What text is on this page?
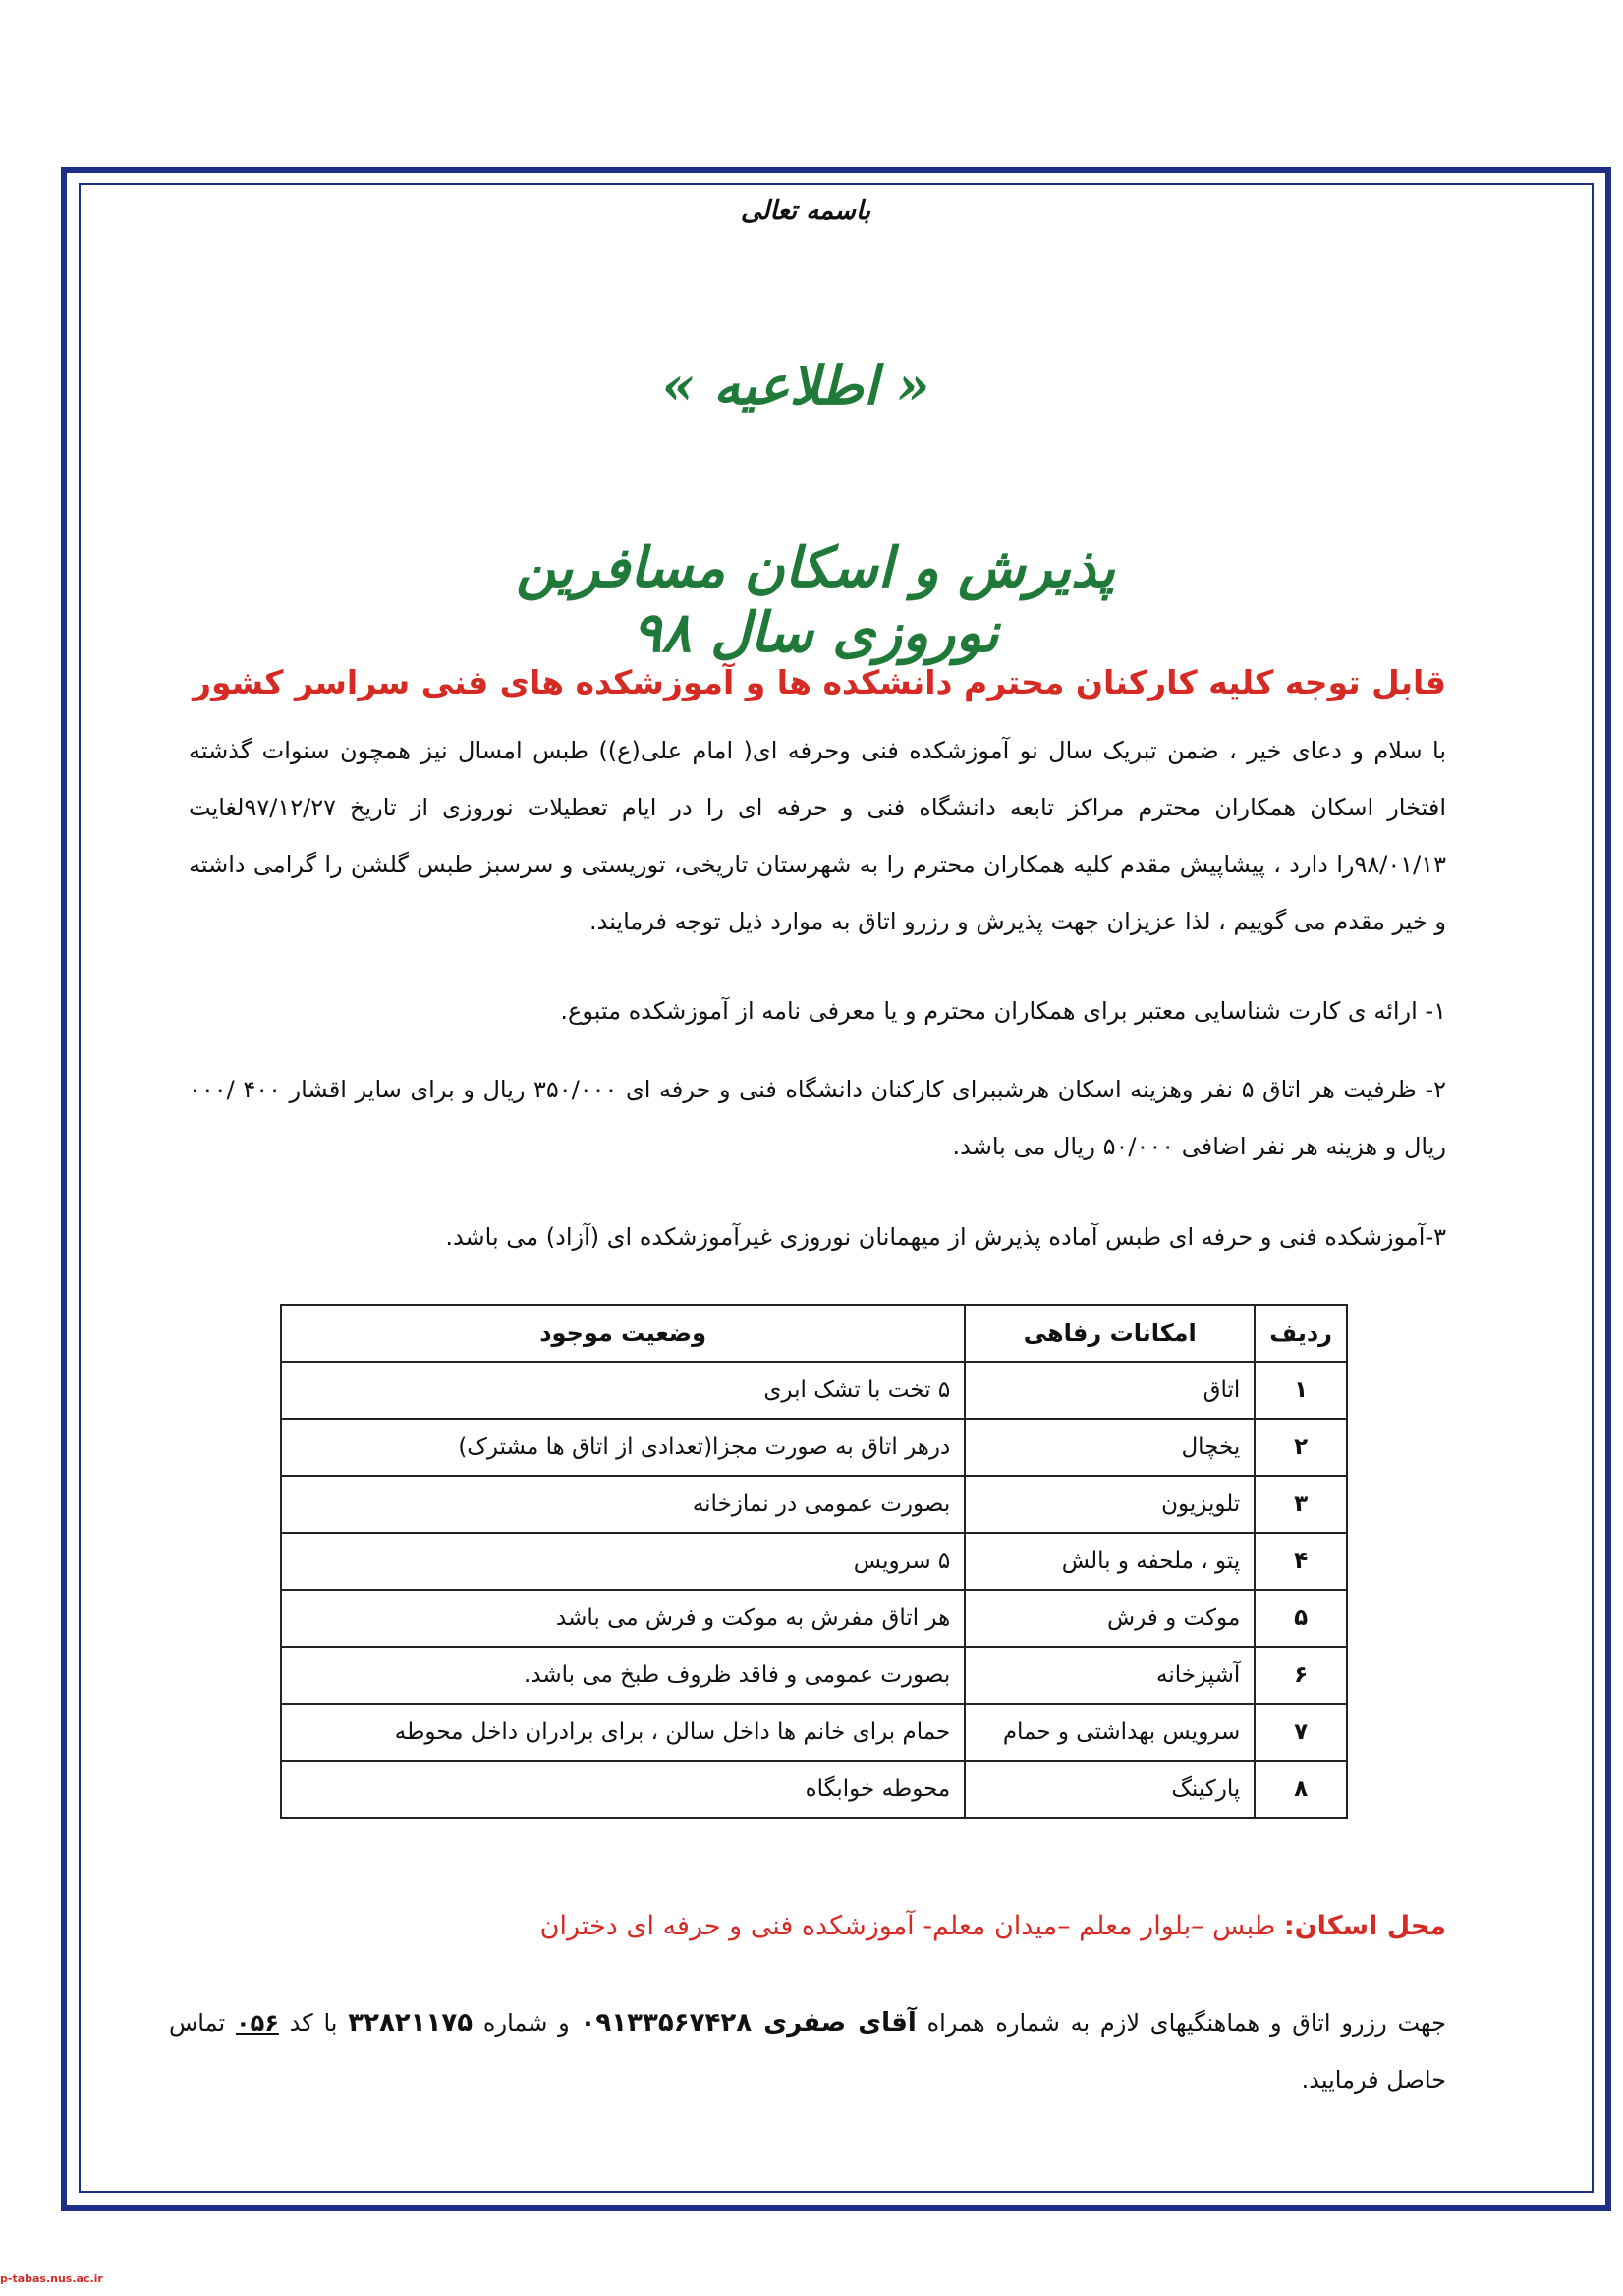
باسمه تعالی
« اطلاعیه »
پذیرش و اسکان مسافرین نوروزی سال ۹۸
قابل توجه کلیه کارکنان محترم دانشکده ها و آموزشکده های فنی سراسر کشور
با سلام و دعای خیر ، ضمن تبریک سال نو آموزشکده فنی وحرفه ای( امام علی(ع)) طبس امسال نیز همچون سنوات گذشته افتخار اسکان همکاران محترم مراکز تابعه دانشگاه فنی و حرفه ای را در ایام تعطیلات نوروزی از تاریخ ۹۷/۱۲/۲۷لغایت ۹۸/۰۱/۱۳را دارد ، پیشاپیش مقدم کلیه همکاران محترم را به شهرستان تاریخی، توریستی و سرسبز طبس گلشن را گرامی داشته و خیر مقدم می گوییم ، لذا عزیزان جهت پذیرش و رزرو اتاق به موارد ذیل توجه فرمایند.
۱- ارائه ی کارت شناسایی معتبر برای همکاران محترم و یا معرفی نامه از آموزشکده متبوع.
۲- ظرفیت هر اتاق ۵ نفر وهزینه اسکان هرشببرای کارکنان دانشگاه فنی و حرفه ای ۳۵۰/۰۰۰ ریال و برای سایر اقشار ۴۰۰ /۰۰۰ ریال و هزینه هر نفر اضافی ۵۰/۰۰۰ ریال می باشد.
۳-آموزشکده فنی و حرفه ای طبس آماده پذیرش از میهمانان نوروزی غیرآموزشکده ای (آزاد) می باشد.
ردیف	امکانات رفاهی	وضعیت موجود
۱	اتاق	۵ تخت با تشک ابری
۲	یخچال	درهر اتاق به صورت مجزا(تعدادی از اتاق ها مشترک)
۳	تلویزیون	بصورت عمومی در نمازخانه
۴	پتو ، ملحفه و بالش	۵ سرویس
۵	موکت و فرش	هر اتاق مفرش به موکت و فرش می باشد
۶	آشپزخانه	بصورت عمومی و فاقد ظروف طبخ می باشد.
۷	سرویس بهداشتی و حمام	حمام برای خانم ها داخل سالن ، برای برادران داخل محوطه
۸	پارکینگ	محوطه خوابگاه
محل اسکان: طبس –بلوار معلم –میدان معلم- آموزشکده فنی و حرفه ای دختران
جهت رزرو اتاق و هماهنگیهای لازم به شماره همراه آقای صفری ۰۹۱۳۳۵۶۷۴۲۸ و شماره ۳۲۸۲۱۱۷۵ با کد ۰۵۶ تماس حاصل فرمایید.
p-tabas.nus.ac.ir
